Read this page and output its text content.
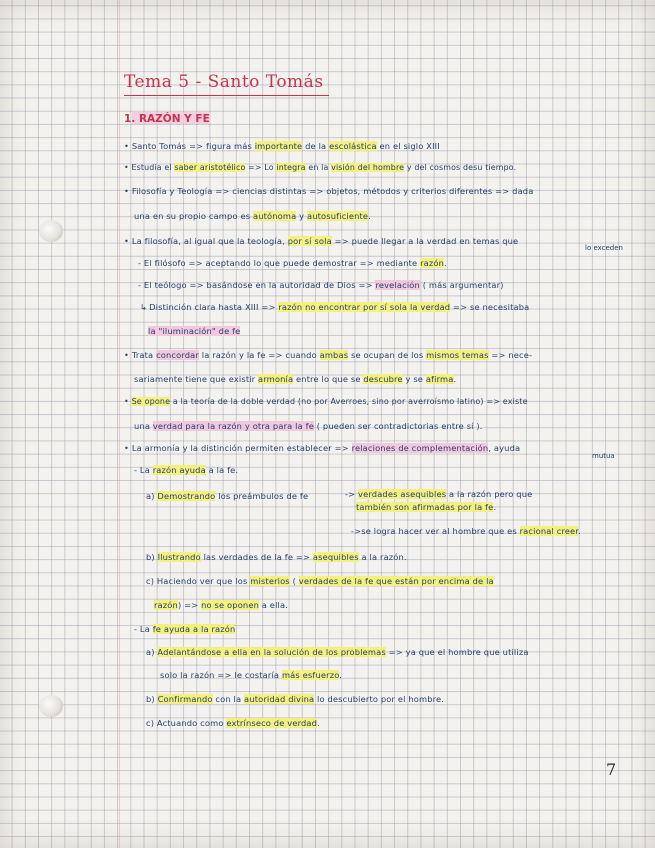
Tema 5 - Santo Tomás
1. RAZÓN Y FE
• Santo Tomás => figura más importante de la escolástica en el siglo XIII
• Estudia el saber aristotélico => Lo integra en la visión del hombre y del cosmos desu tiempo.
• Filosofía y Teología => ciencias distintas => objetos, métodos y criterios diferentes => dada
una en su propio campo es autónoma y autosuficiente.
• La filosofía, al igual que la teología, por sí sola => puede llegar a la verdad en temas que
lo exceden
- El filósofo => aceptando lo que puede demostrar => mediante razón.
- El teólogo => basándose en la autoridad de Dios => revelación ( más argumentar)
↳ Distinción clara hasta XIII => razón no encontrar por sí sola la verdad => se necesitaba
la "iluminación" de fe
• Trata concordar la razón y la fe => cuando ambas se ocupan de los mismos temas => nece-
sariamente tiene que existir armonía entre lo que se descubre y se afirma.
• Se opone a la teoría de la doble verdad (no por Averroes, sino por averroísmo latino) => existe
una verdad para la razón y otra para la fe ( pueden ser contradictorias entre sí ).
• La armonía y la distinción permiten establecer => relaciones de complementación, ayuda
mutua
- La razón ayuda a la fe.
a) Demostrando los preámbulos de fe	-> verdades asequibles a la razón pero que
también son afirmadas por la fe.
->se logra hacer ver al hombre que es racional creer.
b) Ilustrando las verdades de la fe => asequibles a la razón.
c) Haciendo ver que los misterios ( verdades de la fe que están por encima de la
razón) => no se oponen a ella.
- La fe ayuda a la razón
a) Adelantándose a ella en la solución de los problemas => ya que el hombre que utiliza
solo la razón => le costaría más esfuerzo.
b) Confirmando con la autoridad divina lo descubierto por el hombre.
c) Actuando como extrínseco de verdad.
7
